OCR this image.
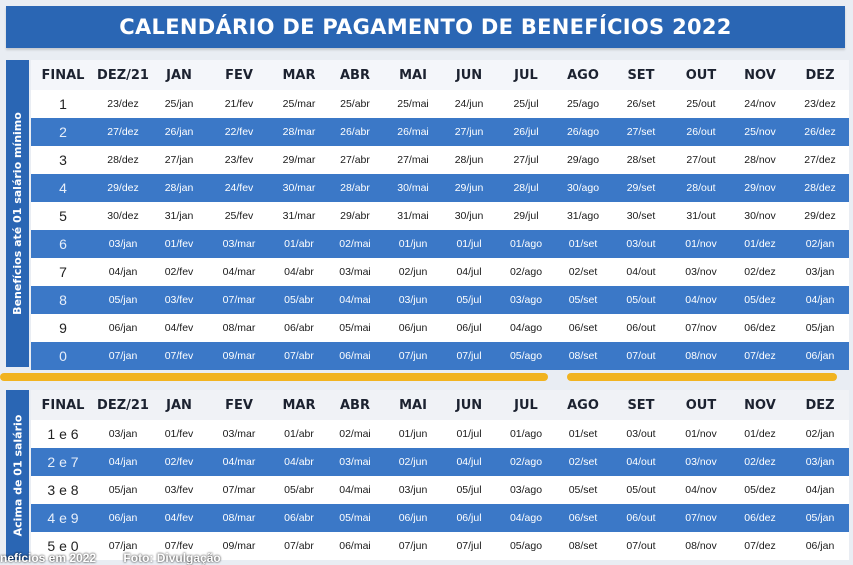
CALENDÁRIO DE PAGAMENTO DE BENEFÍCIOS 2022
Benefícios até 01 salário mínimo
FINAL DEZ/21	JAN	FEV	MAR	ABR	MAI	JUN	JUL	AGO	SET	OUT	NOV	DEZ
1	23/dez	25/jan	21/fev	25/mar	25/abr	25/mai	24/jun	25/jul	25/ago	26/set	25/out	24/nov	23/dez
2	27/dez	26/jan	22/fev	28/mar	26/abr	26/mai	27/jun	26/jul	26/ago	27/set	26/out	25/nov	26/dez
3	28/dez	27/jan	23/fev	29/mar	27/abr	27/mai	28/jun	27/jul	29/ago	28/set	27/out	28/nov	27/dez
4	29/dez	28/jan	24/fev	30/mar	28/abr	30/mai	29/jun	28/jul	30/ago	29/set	28/out	29/nov	28/dez
5	30/dez	31/jan	25/fev	31/mar	29/abr	31/mai	30/jun	29/jul	31/ago	30/set	31/out	30/nov	29/dez
6	03/jan	01/fev	03/mar	01/abr	02/mai	01/jun	01/jul	01/ago	01/set	03/out	01/nov	01/dez	02/jan
7	04/jan	02/fev	04/mar	04/abr	03/mai	02/jun	04/jul	02/ago	02/set	04/out	03/nov	02/dez	03/jan
8	05/jan	03/fev	07/mar	05/abr	04/mai	03/jun	05/jul	03/ago	05/set	05/out	04/nov	05/dez	04/jan
9	06/jan	04/fev	08/mar	06/abr	05/mai	06/jun	06/jul	04/ago	06/set	06/out	07/nov	06/dez	05/jan
0	07/jan	07/fev	09/mar	07/abr	06/mai	07/jun	07/jul	05/ago	08/set	07/out	08/nov	07/dez	06/jan
Acima de 01 salário
FINAL DEZ/21	JAN	FEV	MAR	ABR	MAI	JUN	JUL	AGO	SET	OUT	NOV	DEZ
1 e 6	03/jan	01/fev	03/mar	01/abr	02/mai	01/jun	01/jul	01/ago	01/set	03/out	01/nov	01/dez	02/jan
2 e 7	04/jan	02/fev	04/mar	04/abr	03/mai	02/jun	04/jul	02/ago	02/set	04/out	03/nov	02/dez	03/jan
3 e 8	05/jan	03/fev	07/mar	05/abr	04/mai	03/jun	05/jul	03/ago	05/set	05/out	04/nov	05/dez	04/jan
4 e 9	06/jan	04/fev	08/mar	06/abr	05/mai	06/jun	06/jul	04/ago	06/set	06/out	07/nov	06/dez	05/jan
5 e 0	07/jan	07/fev	09/mar	07/abr	06/mai	07/jun	07/jul	05/ago	08/set	07/out	08/nov	07/dez	06/jan
nefícios em 2022 Foto: Divulgação
